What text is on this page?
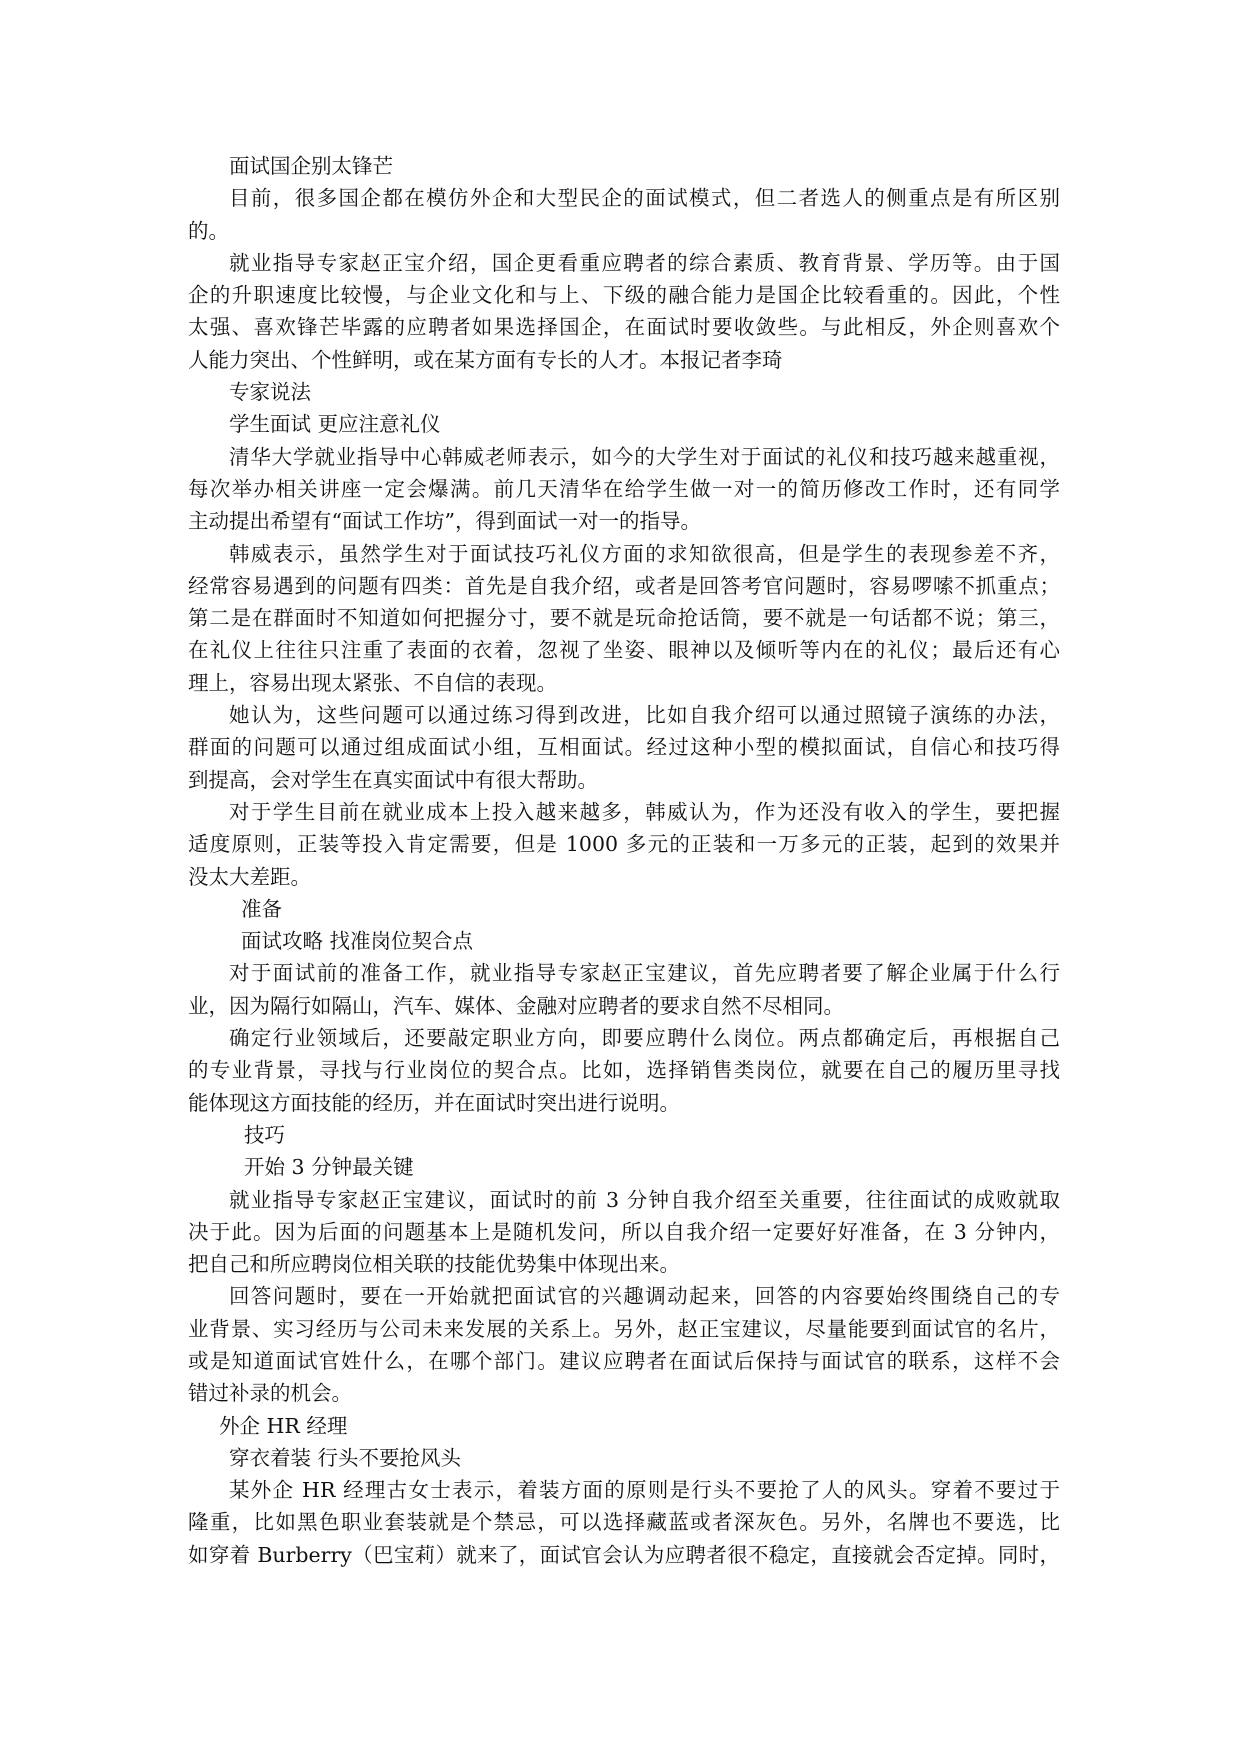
面试国企别太锋芒
目前，很多国企都在模仿外企和大型民企的面试模式，但二者选人的侧重点是有所区别
的。
就业指导专家赵正宝介绍，国企更看重应聘者的综合素质、教育背景、学历等。由于国
企的升职速度比较慢，与企业文化和与上、下级的融合能力是国企比较看重的。因此，个性
太强、喜欢锋芒毕露的应聘者如果选择国企，在面试时要收敛些。与此相反，外企则喜欢个
人能力突出、个性鲜明，或在某方面有专长的人才。本报记者李琦
专家说法
学生面试 更应注意礼仪
清华大学就业指导中心韩威老师表示，如今的大学生对于面试的礼仪和技巧越来越重视，
每次举办相关讲座一定会爆满。前几天清华在给学生做一对一的简历修改工作时，还有同学
主动提出希望有“面试工作坊”，得到面试一对一的指导。
韩威表示，虽然学生对于面试技巧礼仪方面的求知欲很高，但是学生的表现参差不齐，
经常容易遇到的问题有四类：首先是自我介绍，或者是回答考官问题时，容易啰嗦不抓重点；
第二是在群面时不知道如何把握分寸，要不就是玩命抢话筒，要不就是一句话都不说；第三，
在礼仪上往往只注重了表面的衣着，忽视了坐姿、眼神以及倾听等内在的礼仪；最后还有心
理上，容易出现太紧张、不自信的表现。
她认为，这些问题可以通过练习得到改进，比如自我介绍可以通过照镜子演练的办法，
群面的问题可以通过组成面试小组，互相面试。经过这种小型的模拟面试，自信心和技巧得
到提高，会对学生在真实面试中有很大帮助。
对于学生目前在就业成本上投入越来越多，韩威认为，作为还没有收入的学生，要把握
适度原则，正装等投入肯定需要，但是 1000 多元的正装和一万多元的正装，起到的效果并
没太大差距。
准备
面试攻略 找准岗位契合点
对于面试前的准备工作，就业指导专家赵正宝建议，首先应聘者要了解企业属于什么行
业，因为隔行如隔山，汽车、媒体、金融对应聘者的要求自然不尽相同。
确定行业领域后，还要敲定职业方向，即要应聘什么岗位。两点都确定后，再根据自己
的专业背景，寻找与行业岗位的契合点。比如，选择销售类岗位，就要在自己的履历里寻找
能体现这方面技能的经历，并在面试时突出进行说明。
技巧
开始 3 分钟最关键
就业指导专家赵正宝建议，面试时的前 3 分钟自我介绍至关重要，往往面试的成败就取
决于此。因为后面的问题基本上是随机发问，所以自我介绍一定要好好准备，在 3 分钟内，
把自己和所应聘岗位相关联的技能优势集中体现出来。
回答问题时，要在一开始就把面试官的兴趣调动起来，回答的内容要始终围绕自己的专
业背景、实习经历与公司未来发展的关系上。另外，赵正宝建议，尽量能要到面试官的名片，
或是知道面试官姓什么，在哪个部门。建议应聘者在面试后保持与面试官的联系，这样不会
错过补录的机会。
外企 HR 经理
穿衣着装 行头不要抢风头
某外企 HR 经理古女士表示，着装方面的原则是行头不要抢了人的风头。穿着不要过于
隆重，比如黑色职业套装就是个禁忌，可以选择藏蓝或者深灰色。另外，名牌也不要选，比
如穿着 Burberry（巴宝莉）就来了，面试官会认为应聘者很不稳定，直接就会否定掉。同时，
